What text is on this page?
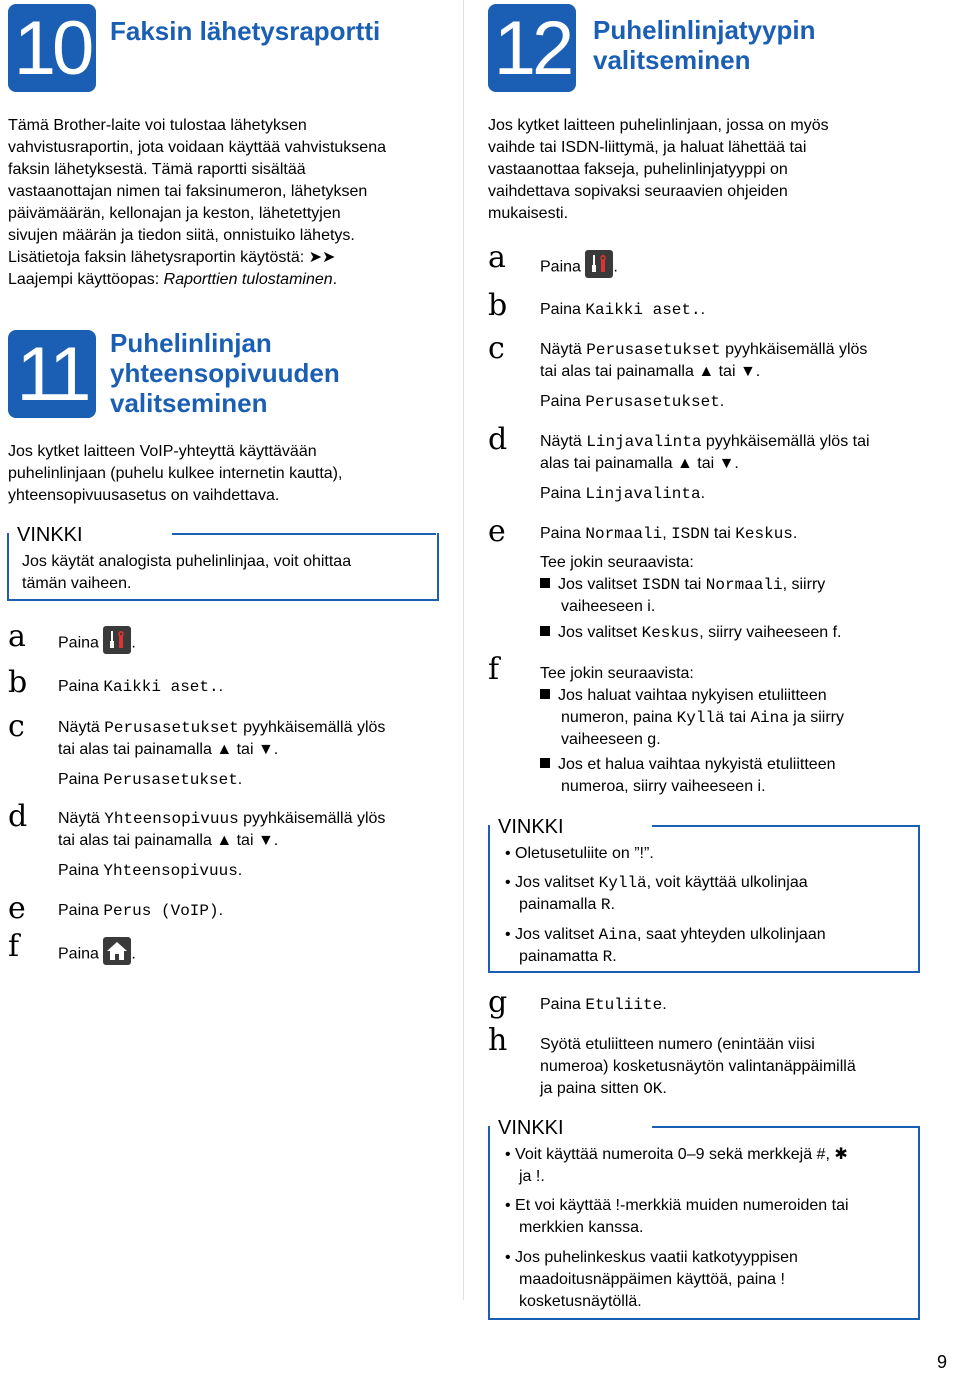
10 Faksin lähetysraportti
Tämä Brother-laite voi tulostaa lähetyksen
vahvistusraportin, jota voidaan käyttää vahvistuksena
faksin lähetyksestä. Tämä raportti sisältää
vastaanottajan nimen tai faksinumeron, lähetyksen
päivämäärän, kellonajan ja keston, lähetettyjen
sivujen määrän ja tiedon siitä, onnistuiko lähetys.
Lisätietoja faksin lähetysraportin käytöstä: ➤➤
Laajempi käyttöopas: Raporttien tulostaminen.
11 Puhelinlinjan
yhteensopivuuden
valitseminen
Jos kytket laitteen VoIP-yhteyttä käyttävään
puhelinlinjaan (puhelu kulkee internetin kautta),
yhteensopivuusasetus on vaihdettava.
VINKKI
Jos käytät analogista puhelinlinjaa, voit ohittaa
tämän vaiheen.
a Paina .
b Paina Kaikki aset..
c Näytä Perusasetukset pyyhkäisemällä ylös
tai alas tai painamalla ▲ tai ▼.
Paina Perusasetukset.
d Näytä Yhteensopivuus pyyhkäisemällä ylös
tai alas tai painamalla ▲ tai ▼.
Paina Yhteensopivuus.
e Paina Perus (VoIP).
f Paina .
12 Puhelinlinjatyypin
valitseminen
Jos kytket laitteen puhelinlinjaan, jossa on myös
vaihde tai ISDN-liittymä, ja haluat lähettää tai
vastaanottaa fakseja, puhelinlinjatyyppi on
vaihdettava sopivaksi seuraavien ohjeiden
mukaisesti.
a Paina .
b Paina Kaikki aset..
c Näytä Perusasetukset pyyhkäisemällä ylös
tai alas tai painamalla ▲ tai ▼.
Paina Perusasetukset.
d Näytä Linjavalinta pyyhkäisemällä ylös tai
alas tai painamalla ▲ tai ▼.
Paina Linjavalinta.
e Paina Normaali, ISDN tai Keskus.
Tee jokin seuraavista:
Jos valitset ISDN tai Normaali, siirry
vaiheeseen i.
Jos valitset Keskus, siirry vaiheeseen f.
f	Tee jokin seuraavista:
Jos haluat vaihtaa nykyisen etuliitteen
numeron, paina Kyllä tai Aina ja siirry
vaiheeseen g.
Jos et halua vaihtaa nykyistä etuliitteen
numeroa, siirry vaiheeseen i.
VINKKI
• Oletusetuliite on ”!”.
• Jos valitset Kyllä, voit käyttää ulkolinjaa
painamalla R.
• Jos valitset Aina, saat yhteyden ulkolinjaan
painamatta R.
g Paina Etuliite.
h Syötä etuliitteen numero (enintään viisi
numeroa) kosketusnäytön valintanäppäimillä
ja paina sitten OK.
VINKKI
• Voit käyttää numeroita 0–9 sekä merkkejä #, ✱
ja !.
• Et voi käyttää !-merkkiä muiden numeroiden tai
merkkien kanssa.
• Jos puhelinkeskus vaatii katkotyyppisen
maadoitusnäppäimen käyttöä, paina !
kosketusnäytöllä.
9
